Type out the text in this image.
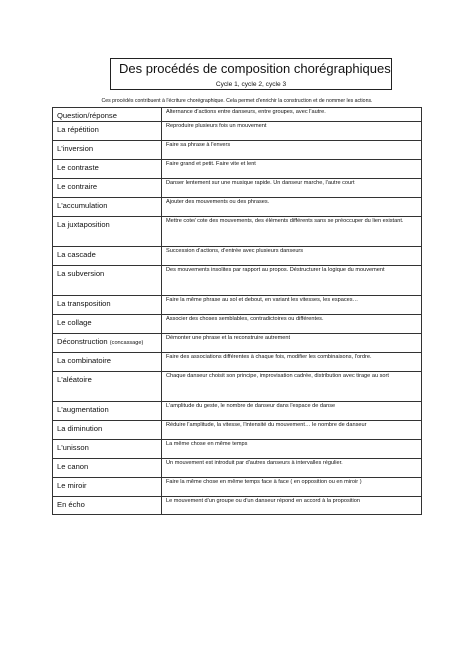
Des procédés de composition chorégraphiques
Cycle 1, cycle 2, cycle 3
Ces procédés contribuent à l'écriture chorégraphique. Cela permet d'enrichir la construction et de nommer les actions.
Question/réponse	Alternance d'actions entre danseurs, entre groupes, avec l'autre.
La répétition	Reproduire plusieurs fois un mouvement
L'inversion	Faire sa phrase à l'envers
Le contraste	Faire grand et petit. Faire vite et lent
Le contraire	Danser lentement sur une musique rapide. Un danseur marche, l'autre court
L'accumulation	Ajouter des mouvements ou des phrases.
La juxtaposition	Mettre cote/ cote des mouvements, des éléments différents sans se préoccuper du lien existant.
La cascade	Succession d'actions, d'entrée avec plusieurs danseurs
La subversion	Des mouvements insolites par rapport au propos. Déstructurer la logique du mouvement
La transposition	Faire la même phrase au sol et debout, en variant les vitesses, les espaces…
Le collage	Associer des choses semblables, contradictoires ou différentes.
Déconstruction (concassage)	Démonter une phrase et la reconstruire autrement
La combinatoire	Faire des associations différentes à chaque fois, modifier les combinaisons, l'ordre.
L'aléatoire	Chaque danseur choisit son principe, improvisation cadrée, distribution avec tirage au sort
L'augmentation	L'amplitude du geste, le nombre de danseur dans l'espace de danse
La diminution	Réduire l'amplitude, la vitesse, l'intensité du mouvement… le nombre de danseur
L'unisson	La même chose en même temps
Le canon	Un mouvement est introduit par d'autres danseurs à intervalles régulier.
Le miroir	Faire la même chose en même temps face à face ( en opposition ou en miroir )
En écho	Le mouvement d'un groupe ou d'un danseur répond en accord à la proposition
